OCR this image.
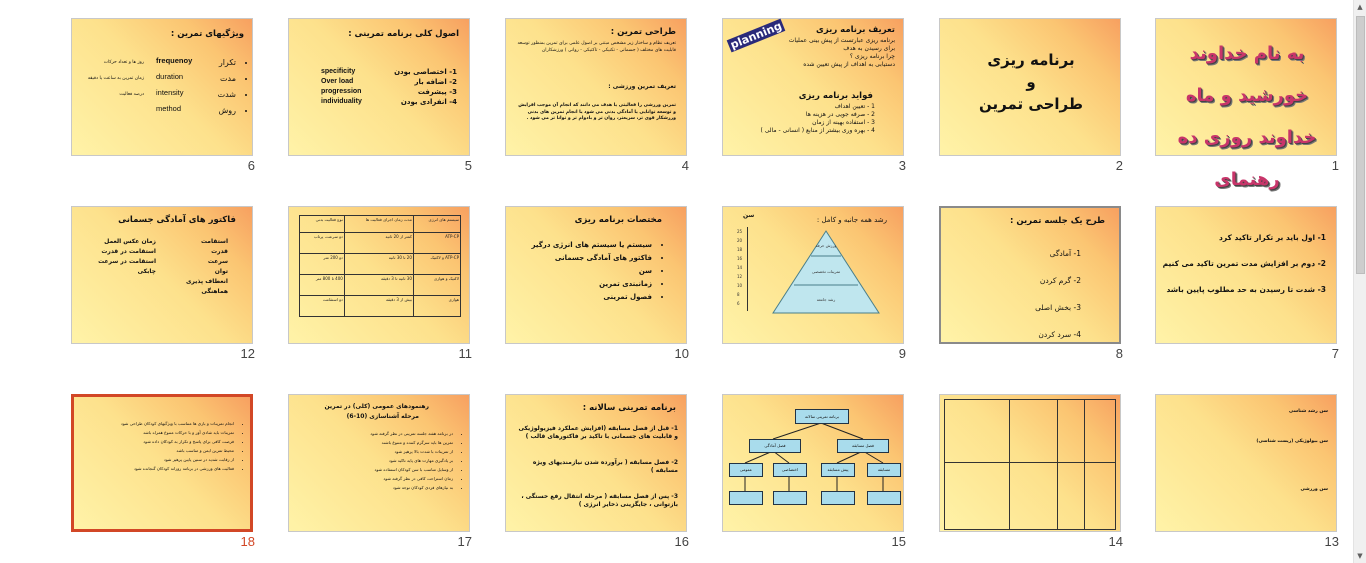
به نام خداوند خورشید و ماه خداوند روزی ده رهنمای
1
برنامه ریزی
و
طراحی تمرین
2
planning	تعریف برنامه ریزی
برنامه ریزی عبارتست از پیش بینی عملیات
برای رسیدن به هدف
چرا برنامه ریزی ؟
دستیابی به اهداف از پیش تعیین شده
فواید برنامه ریزی
1 - تعیین اهداف
2 - صرفه جویی در هزینه ها
3 - استفاده بهینه از زمان
4 - بهره وری بیشتر از منابع ( انسانی - مالی )
3
طراحی تمرین :
تعریف نظام و ساختار زیر مشخص مبتنی بر اصول علمی برای تمرین بمنظور توسعه قابلیت های مختلف ( جسمانی - تکنیکی - تاکتیکی - روانی ) ورزشکاران
تعریف تمرین ورزشی :
تمرین ورزشی را فعالیتی یا هدف می دانند که انجام آن موجب افزایش و توسعه توانایی یا آمادگی بدنی می شود یا انجام تمرین های بدنی ورزشکار قوی تر، سریعتر، روان تر و بادوام تر و توانا تر می شود .
4
اصول کلی برنامه تمرینی :
1- اختصاصی بودن
2- اضافه بار
3- پیشرفت
4- انفرادی بودن
specificity
Over load
progression
individuality
5
ویژگیهای تمرین :
• تکرار
• مدت
• شدت
• روش
frequenoy
duration
intensity
method
روز ها و تعداد حرکات
زمان تمرین به ساعت یا دقیقه
درصد فعالیت
6
1- اول باید بر تکرار تاکید کرد
2- دوم بر افزایش مدت تمرین تاکید می کنیم
3- شدت تا رسیدن به حد مطلوب پایین باشد
7
طرح یک جلسه تمرین :
1- آمادگی
2- گرم کردن
3- بخش اصلی
4- سرد کردن
8
رشد همه جانبه و کامل :
سن
25
20
18
16
14
12
10
8
6
رشد جامعه
تمرینات تخصصی
ورزش حرفه
9
مختصات برنامه ریزی
• سیستم یا سیستم های انرژی درگیر
• فاکتور های آمادگی جسمانی
• سن
• زمانبندی تمرین
• فصول تمرینی
10
سیستم های انرژی	مدت زمان اجرای فعالیت ها	نوع فعالیت بدنی
ATP-CP	کمتر از 20 ثانیه	دو سرعت، پرتاب
ATP-CP و لاکتیک	20 تا 30 ثانیه	دو 200 متر
لاکتیک و هوازی	30 ثانیه تا 3 دقیقه	400 تا 800 متر
هوازی	بیش از 3 دقیقه	دو استقامت
11
فاکتور های آمادگی جسمانی
استقامت
قدرت
سرعت
توان
انعطاف پذیری
هماهنگی
زمان عکس العمل
استقامت در قدرت
استقامت در سرعت
چابکی
12
سن رشد شناسی
سن بیولوژیکی (زیست شناسی)
سن ورزشی
13

14
برنامه تمرینی سالانه
فصل آمادگی	فصل مسابقه
عمومی	اختصاصی	پیش مسابقه	مسابقه
15
برنامه تمرینی سالانه :
1- قبل از فصل مسابقه (افزایش عملکرد فیزیولوژیکی و قابلیت های جسمانی با تاکید بر فاکتورهای قالب )
2- فصل مسابقه ( برآورده شدن نیازمندیهای ویژه مسابقه )
3- پس از فصل مسابقه ( مرحله انتقال رفع خستگی ، بازتوانی ، جایگزینی ذخایر انرژی )
16
رهنمودهای عمومی (کلی) در تمرین
مرحله آشناسازی (10-6)
• در برنامه هفته جلسه تمرینی در نظر گرفته شود
• تمرین ها باید سرگرم کننده و متنوع باشند
• از تمرینات با شدت بالا پرهیز شود
• بر یادگیری مهارت های پایه تاکید شود
• از وسایل مناسب با سن کودکان استفاده شود
• زمان استراحت کافی در نظر گرفته شود
• به نیازهای فردی کودکان توجه شود
17
• انجام تمرینات و بازی ها متناسب با ویژگیهای کودکان طراحی شود
• تمرینات باید شادی آور و با حرکات متنوع همراه باشد
• فرصت کافی برای پاسخ و تکرار به کودکان داده شود
• محیط تمرین ایمن و مناسب باشد
• از رقابت شدید در سنین پایین پرهیز شود
• فعالیت های ورزشی در برنامه روزانه کودکان گنجانده شود
18
▲
▼
